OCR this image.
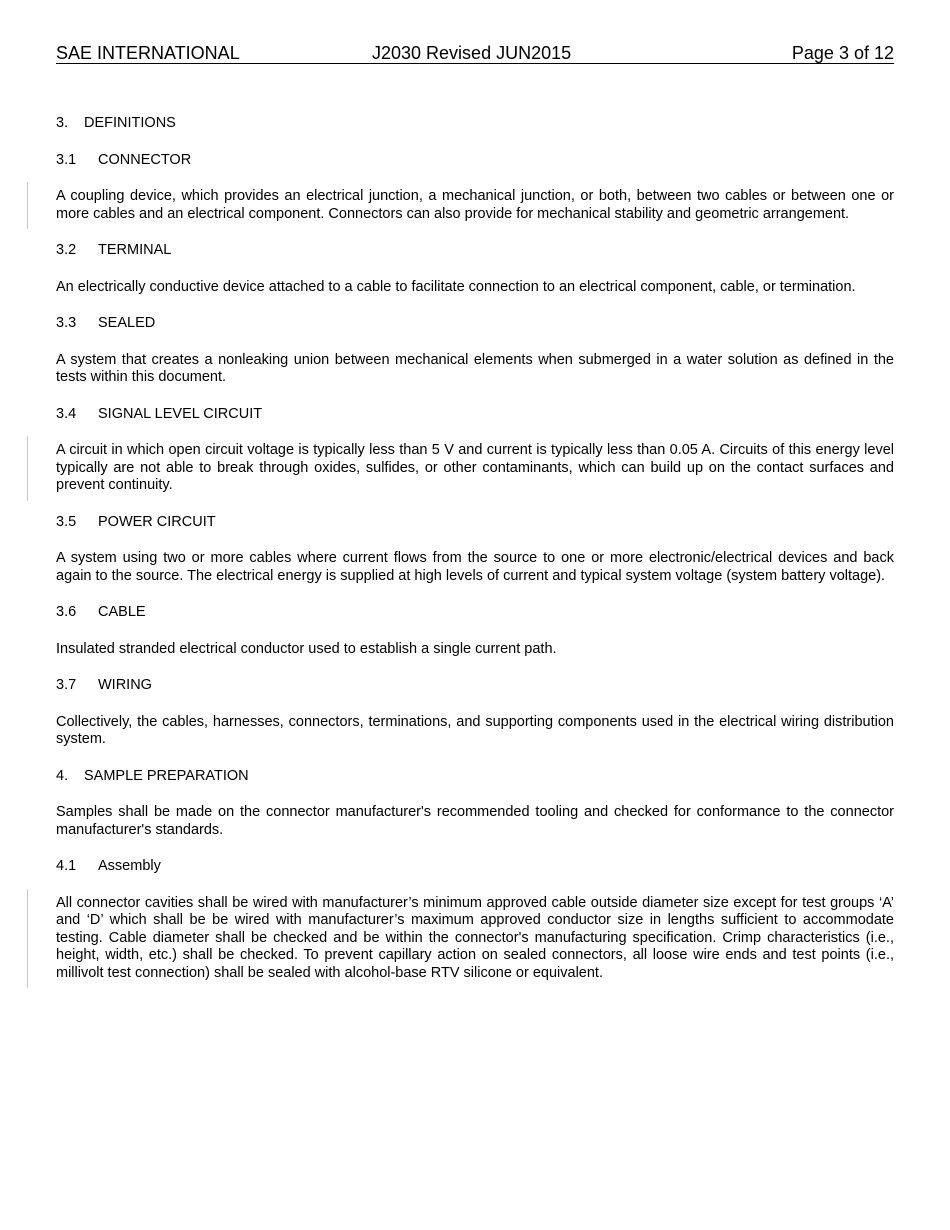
SAE INTERNATIONAL	J2030 Revised JUN2015	Page 3 of 12
3. DEFINITIONS
3.1 CONNECTOR

A coupling device, which provides an electrical junction, a mechanical junction, or both, between two cables or between one or more cables and an electrical component. Connectors can also provide for mechanical stability and geometric arrangement.

3.2 TERMINAL

An electrically conductive device attached to a cable to facilitate connection to an electrical component, cable, or termination.

3.3 SEALED

A system that creates a nonleaking union between mechanical elements when submerged in a water solution as defined in the tests within this document.

3.4 SIGNAL LEVEL CIRCUIT

A circuit in which open circuit voltage is typically less than 5 V and current is typically less than 0.05 A. Circuits of this energy level typically are not able to break through oxides, sulfides, or other contaminants, which can build up on the contact surfaces and prevent continuity.

3.5 POWER CIRCUIT

A system using two or more cables where current flows from the source to one or more electronic/electrical devices and back again to the source. The electrical energy is supplied at high levels of current and typical system voltage (system battery voltage).

3.6 CABLE

Insulated stranded electrical conductor used to establish a single current path.

3.7 WIRING

Collectively, the cables, harnesses, connectors, terminations, and supporting components used in the electrical wiring distribution system.

4. SAMPLE PREPARATION

Samples shall be made on the connector manufacturer's recommended tooling and checked for conformance to the connector manufacturer's standards.

4.1 Assembly

All connector cavities shall be wired with manufacturer’s minimum approved cable outside diameter size except for test groups ‘A’ and ‘D’ which shall be be wired with manufacturer’s maximum approved conductor size in lengths sufficient to accommodate testing. Cable diameter shall be checked and be within the connector's manufacturing specification. Crimp characteristics (i.e., height, width, etc.) shall be checked. To prevent capillary action on sealed connectors, all loose wire ends and test points (i.e., millivolt test connection) shall be sealed with alcohol-base RTV silicone or equivalent.
